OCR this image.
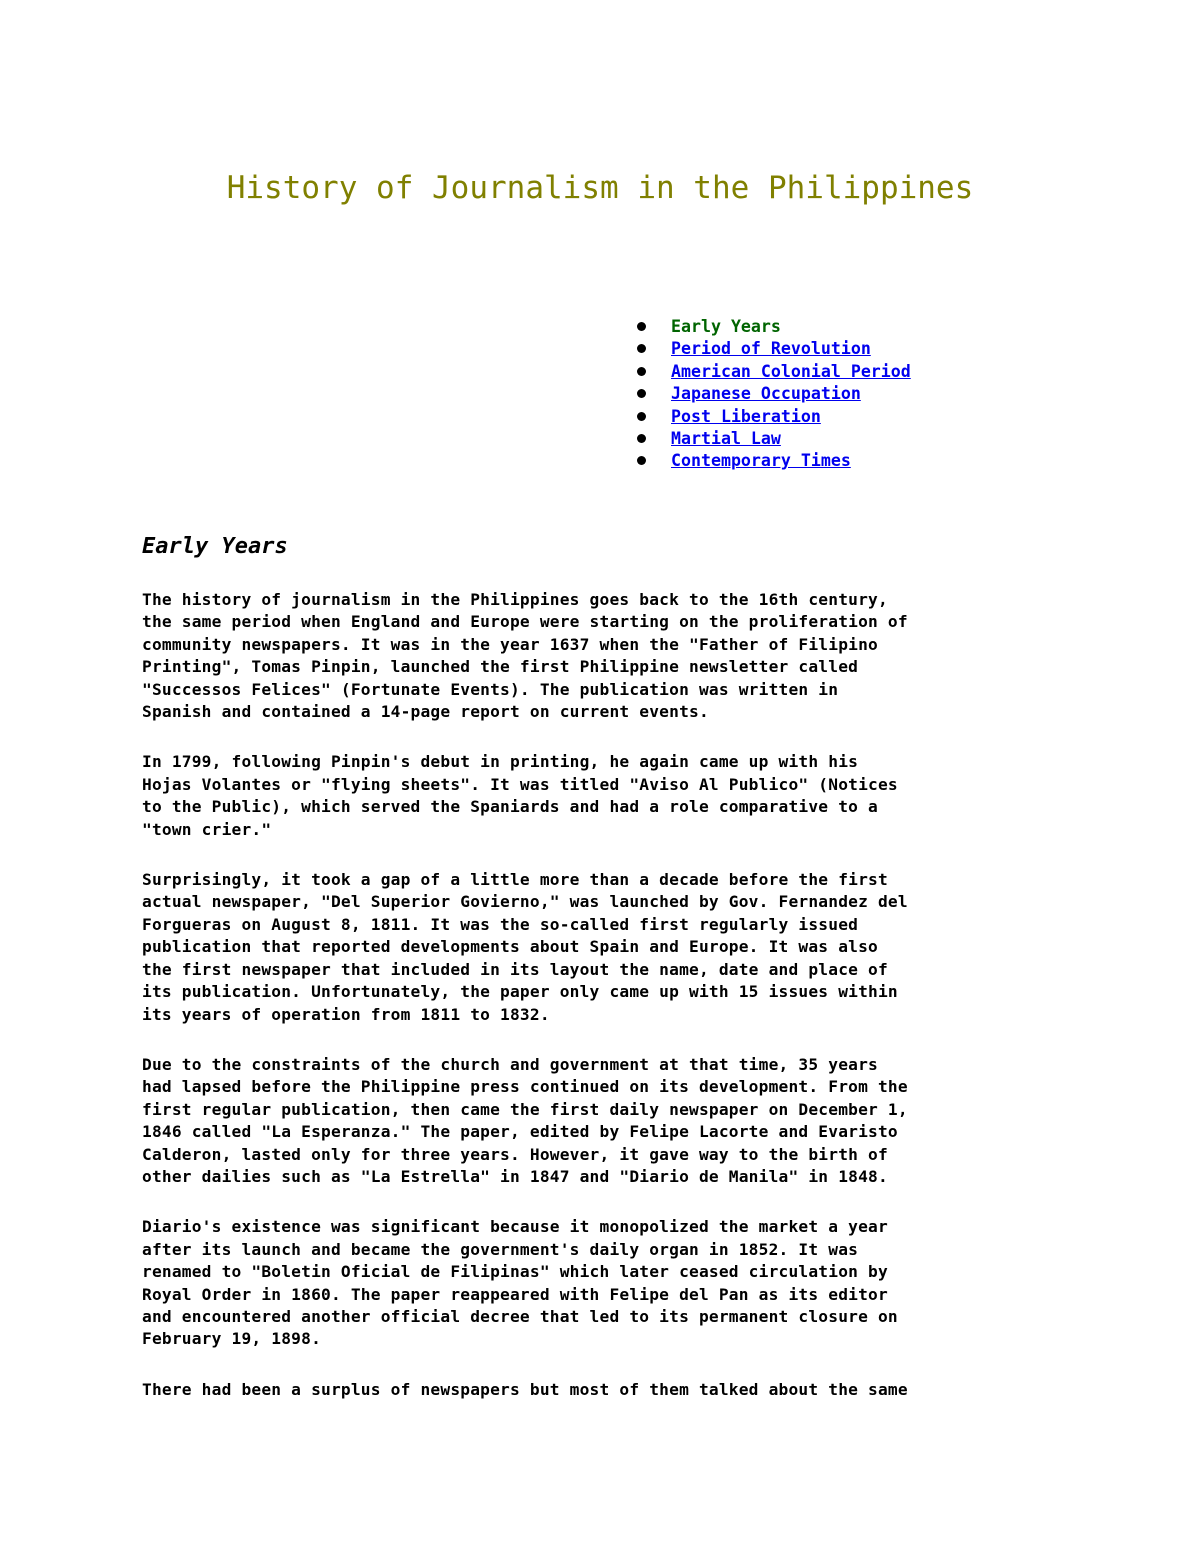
History of Journalism in the Philippines
Early Years
Period of Revolution
American Colonial Period
Japanese Occupation
Post Liberation
Martial Law
Contemporary Times
Early Years

The history of journalism in the Philippines goes back to the 16th century,
the same period when England and Europe were starting on the proliferation of
community newspapers. It was in the year 1637 when the "Father of Filipino
Printing", Tomas Pinpin, launched the first Philippine newsletter called
"Successos Felices" (Fortunate Events). The publication was written in
Spanish and contained a 14-page report on current events.

In 1799, following Pinpin's debut in printing, he again came up with his
Hojas Volantes or "flying sheets". It was titled "Aviso Al Publico" (Notices
to the Public), which served the Spaniards and had a role comparative to a
"town crier."

Surprisingly, it took a gap of a little more than a decade before the first
actual newspaper, "Del Superior Govierno," was launched by Gov. Fernandez del
Forgueras on August 8, 1811. It was the so-called first regularly issued
publication that reported developments about Spain and Europe. It was also
the first newspaper that included in its layout the name, date and place of
its publication. Unfortunately, the paper only came up with 15 issues within
its years of operation from 1811 to 1832.

Due to the constraints of the church and government at that time, 35 years
had lapsed before the Philippine press continued on its development. From the
first regular publication, then came the first daily newspaper on December 1,
1846 called "La Esperanza." The paper, edited by Felipe Lacorte and Evaristo
Calderon, lasted only for three years. However, it gave way to the birth of
other dailies such as "La Estrella" in 1847 and "Diario de Manila" in 1848.

Diario's existence was significant because it monopolized the market a year
after its launch and became the government's daily organ in 1852. It was
renamed to "Boletin Oficial de Filipinas" which later ceased circulation by
Royal Order in 1860. The paper reappeared with Felipe del Pan as its editor
and encountered another official decree that led to its permanent closure on
February 19, 1898.

There had been a surplus of newspapers but most of them talked about the same
